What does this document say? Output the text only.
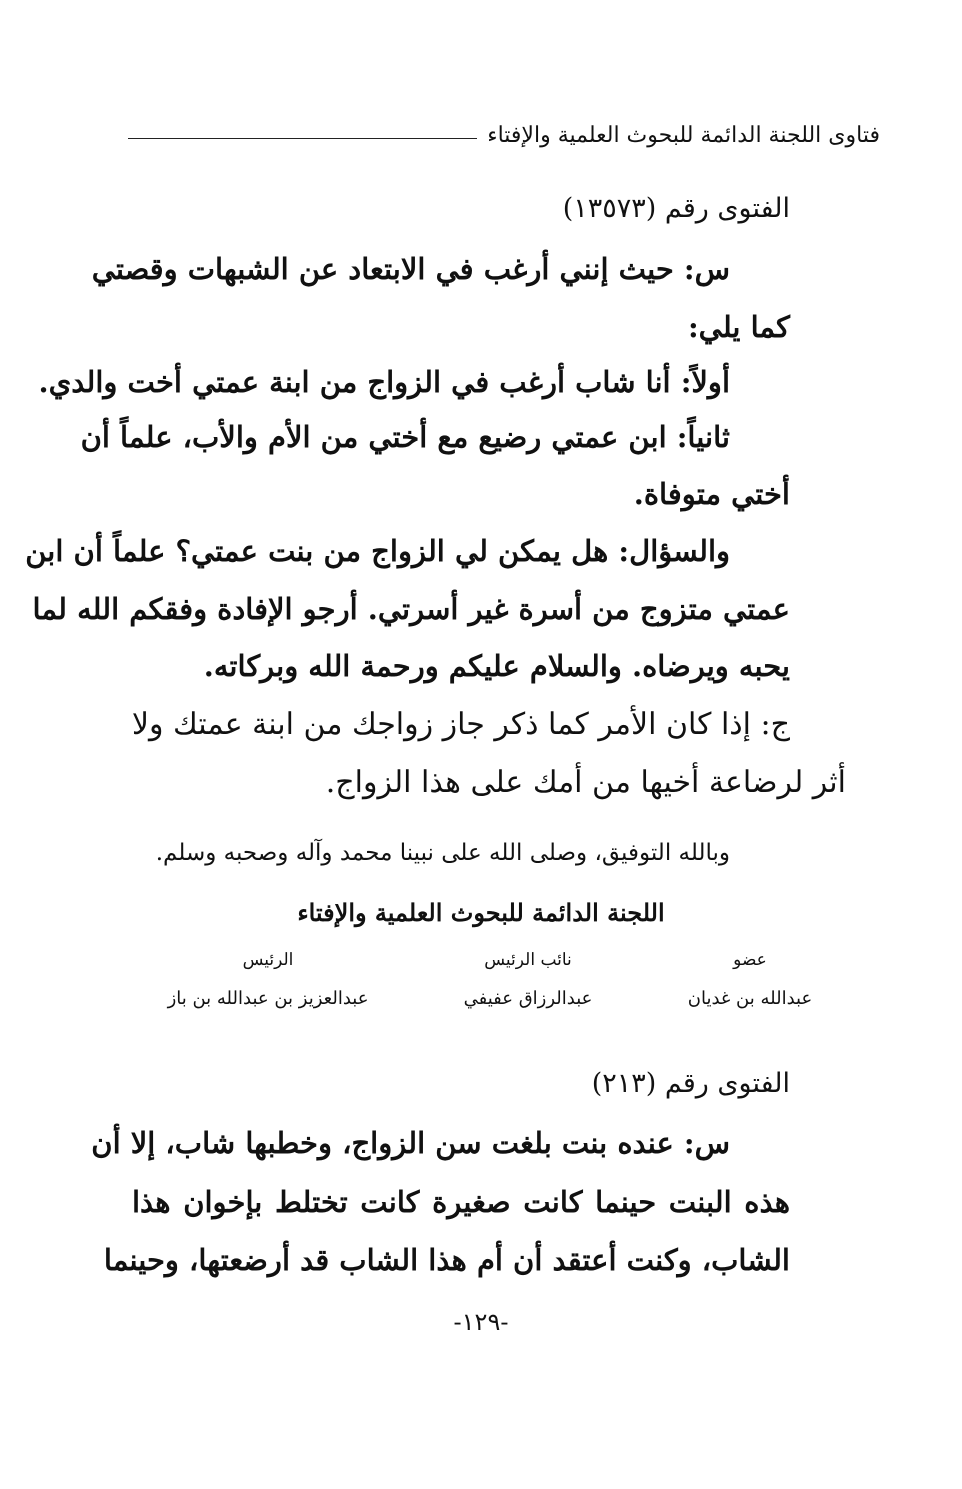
فتاوى اللجنة الدائمة للبحوث العلمية والإفتاء
الفتوى رقم (١٣٥٧٣)
س: حيث إنني أرغب في الابتعاد عن الشبهات وقصتي
كما يلي:
أولاً: أنا شاب أرغب في الزواج من ابنة عمتي أخت والدي.
ثانياً: ابن عمتي رضيع مع أختي من الأم والأب، علماً أن
أختي متوفاة.
والسؤال: هل يمكن لي الزواج من بنت عمتي؟ علماً أن ابن
عمتي متزوج من أسرة غير أسرتي. أرجو الإفادة وفقكم الله لما
يحبه ويرضاه. والسلام عليكم ورحمة الله وبركاته.
ج: إذا كان الأمر كما ذكر جاز زواجك من ابنة عمتك ولا
أثر لرضاعة أخيها من أمك على هذا الزواج.
وبالله التوفيق، وصلى الله على نبينا محمد وآله وصحبه وسلم.
اللجنة الدائمة للبحوث العلمية والإفتاء
عضو
عبدالله بن غديان
نائب الرئيس
عبدالرزاق عفيفي
الرئيس
عبدالعزيز بن عبدالله بن باز
الفتوى رقم (٢١٣)
س: عنده بنت بلغت سن الزواج، وخطبها شاب، إلا أن
هذه البنت حينما كانت صغيرة كانت تختلط بإخوان هذا
الشاب، وكنت أعتقد أن أم هذا الشاب قد أرضعتها، وحينما
-١٢٩-
